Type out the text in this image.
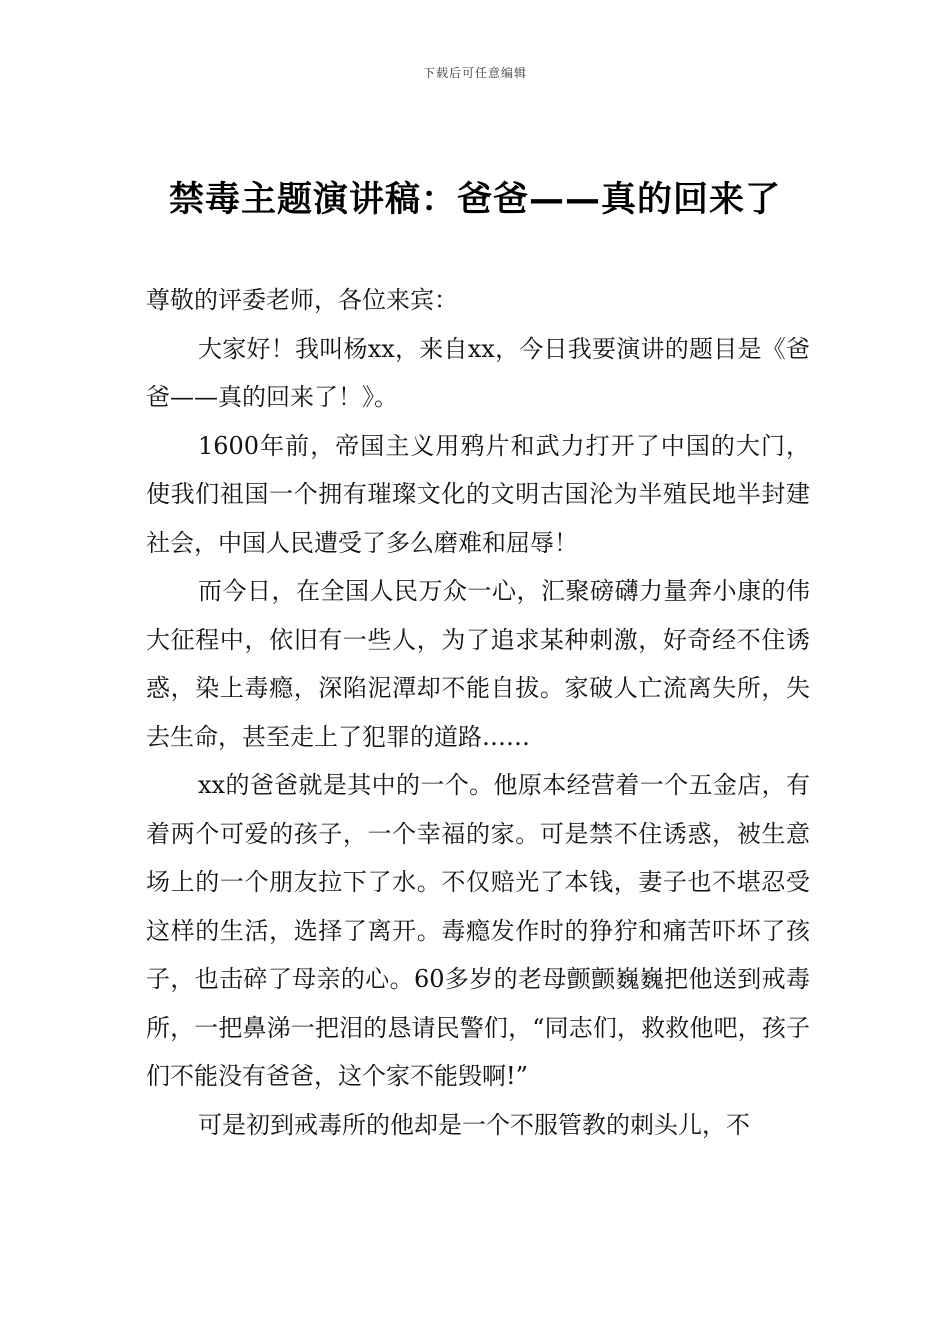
下载后可任意编辑
禁毒主题演讲稿：爸爸——真的回来了

尊敬的评委老师，各位来宾：

大家好！我叫杨xx，来自xx，今日我要演讲的题目是《爸爸——真的回来了！》。

1600年前，帝国主义用鸦片和武力打开了中国的大门，使我们祖国一个拥有璀璨文化的文明古国沦为半殖民地半封建社会，中国人民遭受了多么磨难和屈辱！

而今日，在全国人民万众一心，汇聚磅礴力量奔小康的伟大征程中，依旧有一些人，为了追求某种刺激，好奇经不住诱惑，染上毒瘾，深陷泥潭却不能自拔。家破人亡流离失所，失去生命，甚至走上了犯罪的道路……

xx的爸爸就是其中的一个。他原本经营着一个五金店，有着两个可爱的孩子，一个幸福的家。可是禁不住诱惑，被生意场上的一个朋友拉下了水。不仅赔光了本钱，妻子也不堪忍受这样的生活，选择了离开。毒瘾发作时的狰狞和痛苦吓坏了孩子，也击碎了母亲的心。60多岁的老母颤颤巍巍把他送到戒毒所，一把鼻涕一把泪的恳请民警们，“同志们，救救他吧，孩子们不能没有爸爸，这个家不能毁啊!”

可是初到戒毒所的他却是一个不服管教的刺头儿，不
